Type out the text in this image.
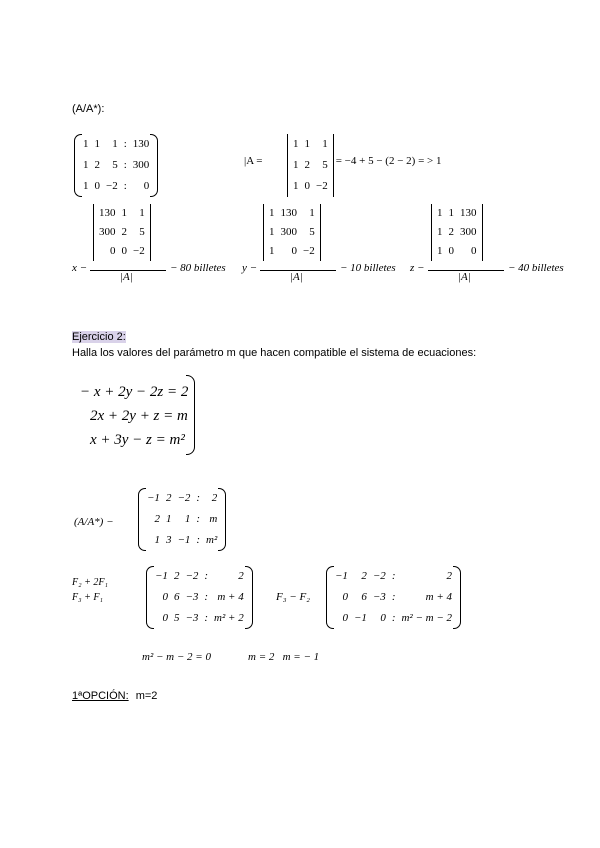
(A/A*):
1	1	1	:	130
1	2	5	:	300
1	0	−2	:	0
|A =
1	1	1
1	2	5
1	0	−2
= −4 + 5 − (2 − 2) = > 1
x −
130	1	1
300	2	5
0	0	−2
|A|
− 80 billetes y −
1	130	1
1	300	5
1	0	−2
|A|
− 10 billetes z −
1	1	130
1	2	300
1	0	0
|A|
− 40 billetes
Ejercicio 2:
Halla los valores del parámetro m que hacen compatible el sistema de ecuaciones:
− x + 2y − 2z = 2
2x + 2y + z = m
x + 3y − z = m²
(A/A*) −
−1	2	−2	:	2
2	1	1	:	m
1	3	−1	:	m²
F₂ + 2F₁
F₃ + F₁
−1	2	−2	:	2
0	6	−3	:	m + 4
0	5	−3	:	m² + 2
F₃ − F₂
−1	2	−2	:	2
0	6	−3	:	m + 4
0	−1	0	:	m² − m − 2
m² − m − 2 = 0	m = 2   m = − 1
1ªOPCIÓN: m=2
